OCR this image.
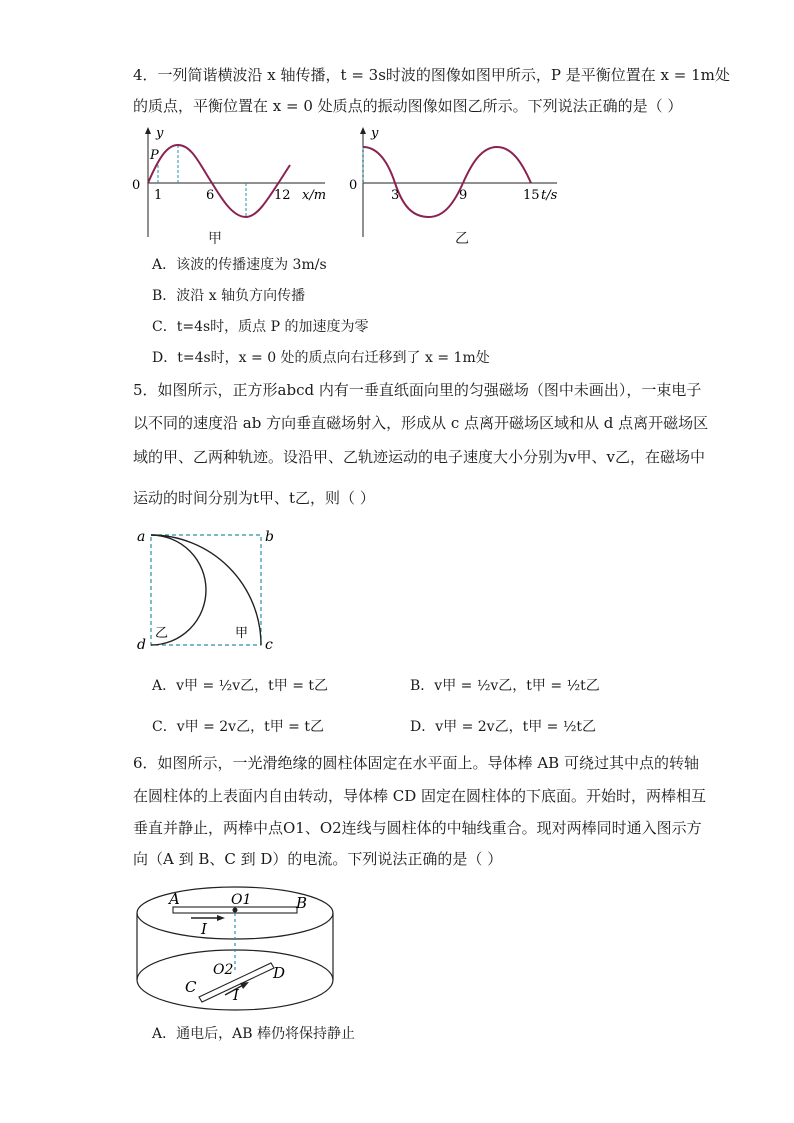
4．一列简谐横波沿 x 轴传播，t = 3s时波的图像如图甲所示，P 是平衡位置在 x = 1m处
的质点，平衡位置在 x = 0 处质点的振动图像如图乙所示。下列说法正确的是（ ）
y
0
P
1	6	12 x/m
甲
y
0
3	9	15 t/s
乙
A．该波的传播速度为 3m/s
B．波沿 x 轴负方向传播
C．t=4s时，质点 P 的加速度为零
D．t=4s时，x = 0 处的质点向右迁移到了 x = 1m处
5．如图所示，正方形abcd 内有一垂直纸面向里的匀强磁场（图中未画出），一束电子
以不同的速度沿 ab 方向垂直磁场射入，形成从 c 点离开磁场区域和从 d 点离开磁场区
域的甲、乙两种轨迹。设沿甲、乙轨迹运动的电子速度大小分别为v甲、v乙，在磁场中
运动的时间分别为t甲、t乙，则（ ）
a	b
c
d
乙	甲
A．v甲 = ½v乙，t甲 = t乙	B．v甲 = ½v乙，t甲 = ½t乙
C．v甲 = 2v乙，t甲 = t乙	D．v甲 = 2v乙，t甲 = ½t乙
6．如图所示，一光滑绝缘的圆柱体固定在水平面上。导体棒 AB 可绕过其中点的转轴
在圆柱体的上表面内自由转动，导体棒 CD 固定在圆柱体的下底面。开始时，两棒相互
垂直并静止，两棒中点O1、O2连线与圆柱体的中轴线重合。现对两棒同时通入图示方
向（A 到 B、C 到 D）的电流。下列说法正确的是（ ）
A	B
O1
I
O2	D
C I
A．通电后，AB 棒仍将保持静止
